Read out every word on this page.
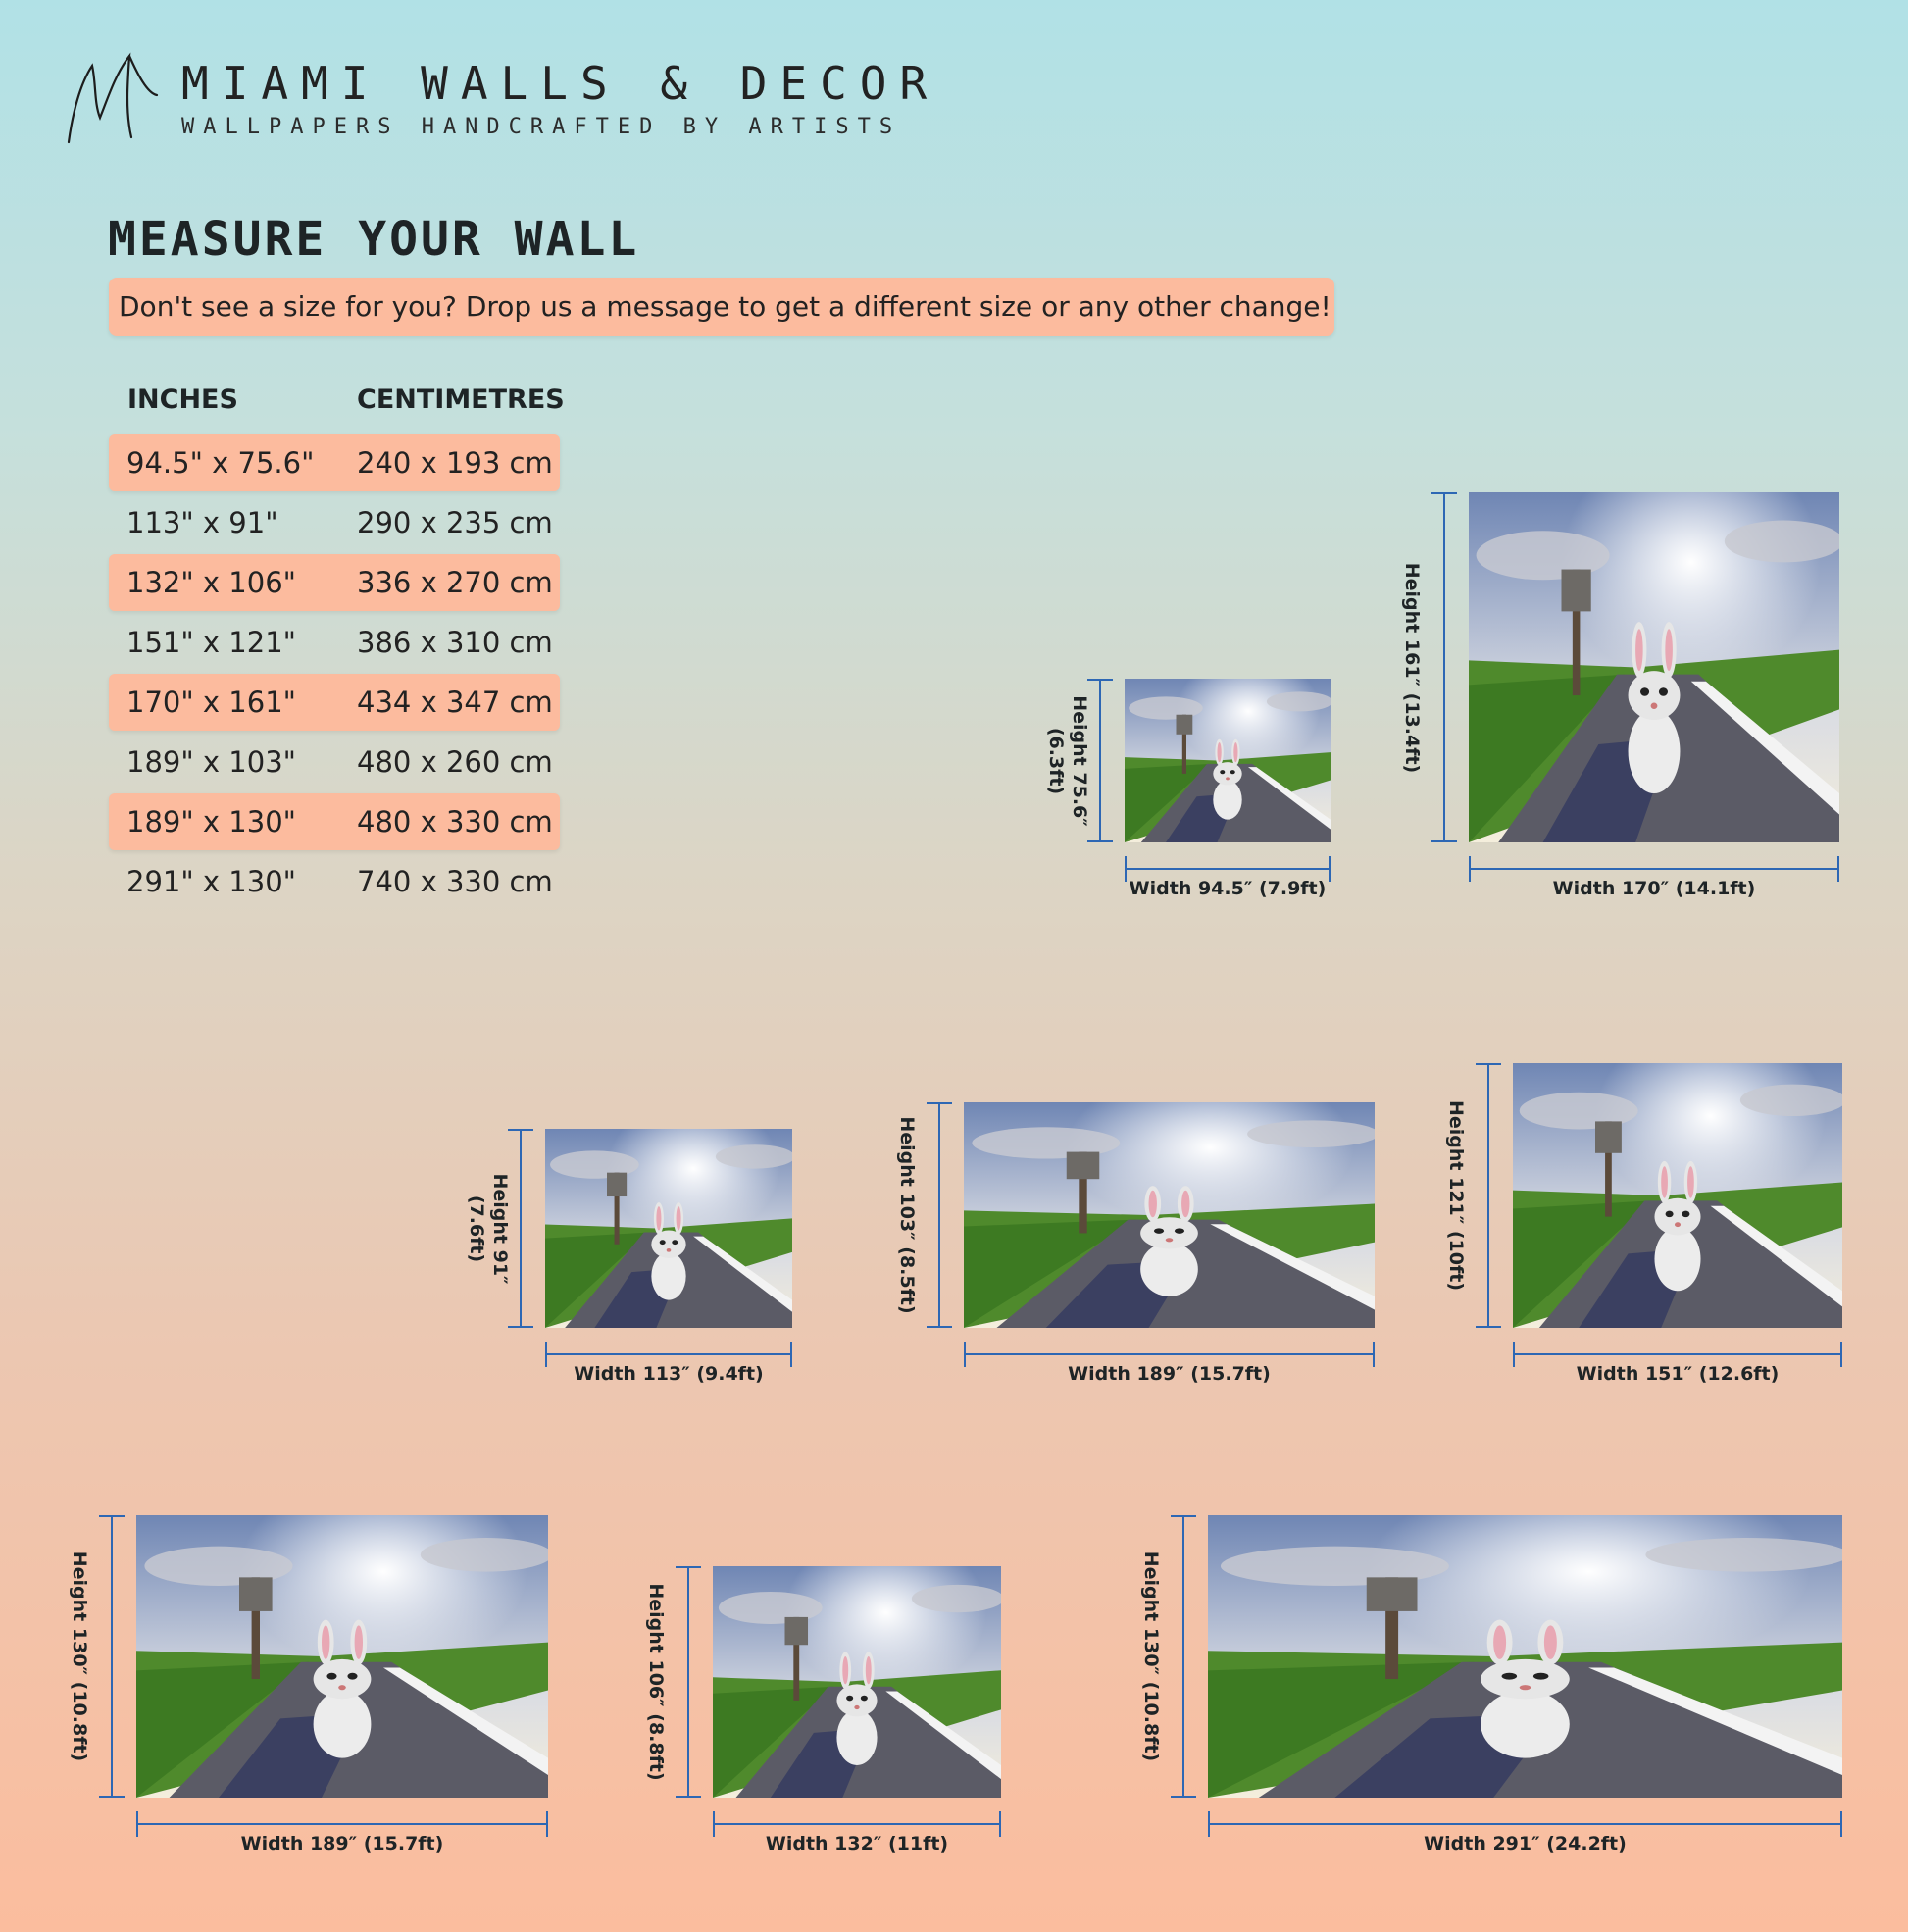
MIAMI WALLS & DECOR
WALLPAPERS HANDCRAFTED BY ARTISTS
MEASURE YOUR WALL
Don't see a size for you? Drop us a message to get a different size or any other change!
INCHES	CENTIMETRES
94.5" x 75.6" 240 x 193 cm
113" x 91"	290 x 235 cm
132" x 106" 336 x 270 cm
151" x 121" 386 x 310 cm
170" x 161" 434 x 347 cm
189" x 103" 480 x 260 cm
189" x 130" 480 x 330 cm
291" x 130" 740 x 330 cm	Width 94.5″ (7.9ft)
Height 75.6″ (6.3ft)
Width 170″ (14.1ft)
Height 161″ (13.4ft)
Width 113″ (9.4ft)
Height 91″ (7.6ft)
Width 189″ (15.7ft)
Height 103″ (8.5ft)
Width 151″ (12.6ft)
Height 121″ (10ft)
Width 189″ (15.7ft)
Height 130″ (10.8ft)
Width 132″ (11ft)
Height 106″ (8.8ft)
Width 291″ (24.2ft)
Height 130″ (10.8ft)
